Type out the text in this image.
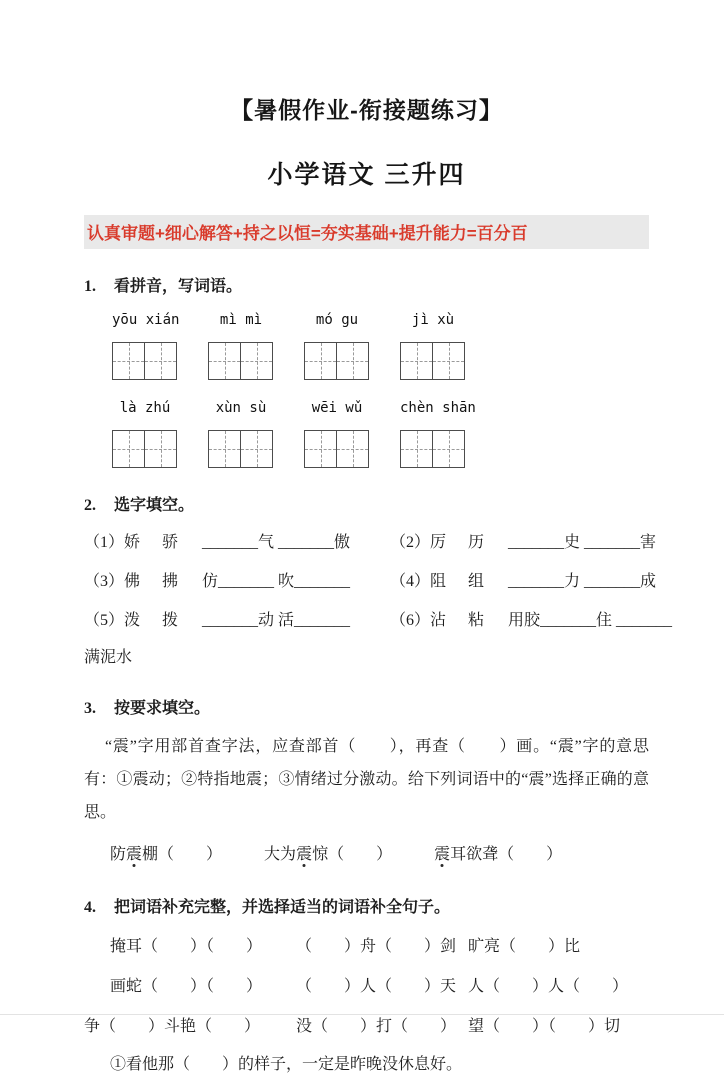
【暑假作业-衔接题练习】
小学语文 三升四
认真审题+细心解答+持之以恒=夯实基础+提升能力=百分百
1. 看拼音，写词语。
yōu xián	mì mì	mó gu	jì xù
là zhú	xùn sù	wēi wǔ	chèn shān
2. 选字填空。
（1）娇 骄 _______气 _______傲	（2）厉 历 _______史 _______害
（3）佛 拂 仿_______ 吹_______	（4）阻 组 _______力 _______成
（5）泼 拨 _______动 活_______	（6）沾 粘 用胶_______住 _______
满泥水
3. 按要求填空。

“震”字用部首查字法，应查部首（　　），再查（　　）画。“震”字的意思有：①震动；②特指地震；③情绪过分激动。给下列词语中的“震”选择正确的意思。

防震棚（　　）	大为震惊（　　）	震耳欲聋（　　）
4. 把词语补充完整，并选择适当的词语补全句子。
掩耳（　　）（　　）	（　　）舟（　　）剑 旷亮（　　）比
画蛇（　　）（　　）	（　　）人（　　）天 人（　　）人（　　）
争（　　）斗艳（　　）	没（　　）打（　　） 望（　　）（　　）切
①看他那（　　）的样子，一定是昨晚没休息好。
